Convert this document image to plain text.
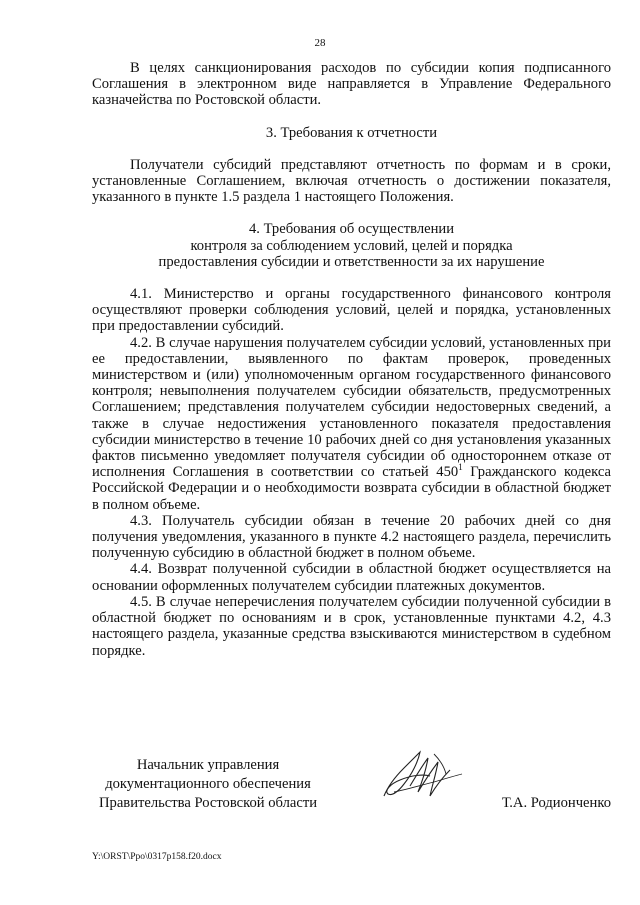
28

В целях санкционирования расходов по субсидии копия подписанного Соглашения в электронном виде направляется в Управление Федерального казначейства по Ростовской области.

3. Требования к отчетности

Получатели субсидий представляют отчетность по формам и в сроки, установленные Соглашением, включая отчетность о достижении показателя, указанного в пункте 1.5 раздела 1 настоящего Положения.

4. Требования об осуществлении
контроля за соблюдением условий, целей и порядка
предоставления субсидии и ответственности за их нарушение

4.1. Министерство и органы государственного финансового контроля осуществляют проверки соблюдения условий, целей и порядка, установленных при предоставлении субсидий.

4.2. В случае нарушения получателем субсидии условий, установленных при ее предоставлении, выявленного по фактам проверок, проведенных министерством и (или) уполномоченным органом государственного финансового контроля; невыполнения получателем субсидии обязательств, предусмотренных Соглашением; представления получателем субсидии недостоверных сведений, а также в случае недостижения установленного показателя предоставления субсидии министерство в течение 10 рабочих дней со дня установления указанных фактов письменно уведомляет получателя субсидии об одностороннем отказе от исполнения Соглашения в соответствии со статьей $450^1$ Гражданского кодекса Российской Федерации и о необходимости возврата субсидии в областной бюджет в полном объеме.

4.3. Получатель субсидии обязан в течение 20 рабочих дней со дня получения уведомления, указанного в пункте 4.2 настоящего раздела, перечислить полученную субсидию в областной бюджет в полном объеме.

4.4. Возврат полученной субсидии в областной бюджет осуществляется на основании оформленных получателем субсидии платежных документов.

4.5. В случае неперечисления получателем субсидии полученной субсидии в областной бюджет по основаниям и в срок, установленные пунктами 4.2, 4.3 настоящего раздела, указанные средства взыскиваются министерством в судебном порядке.

Начальник управления
документационного обеспечения
Правительства Ростовской области	Т.А. Родионченко
Y:\ORST\Ppo\0317p158.f20.docx
